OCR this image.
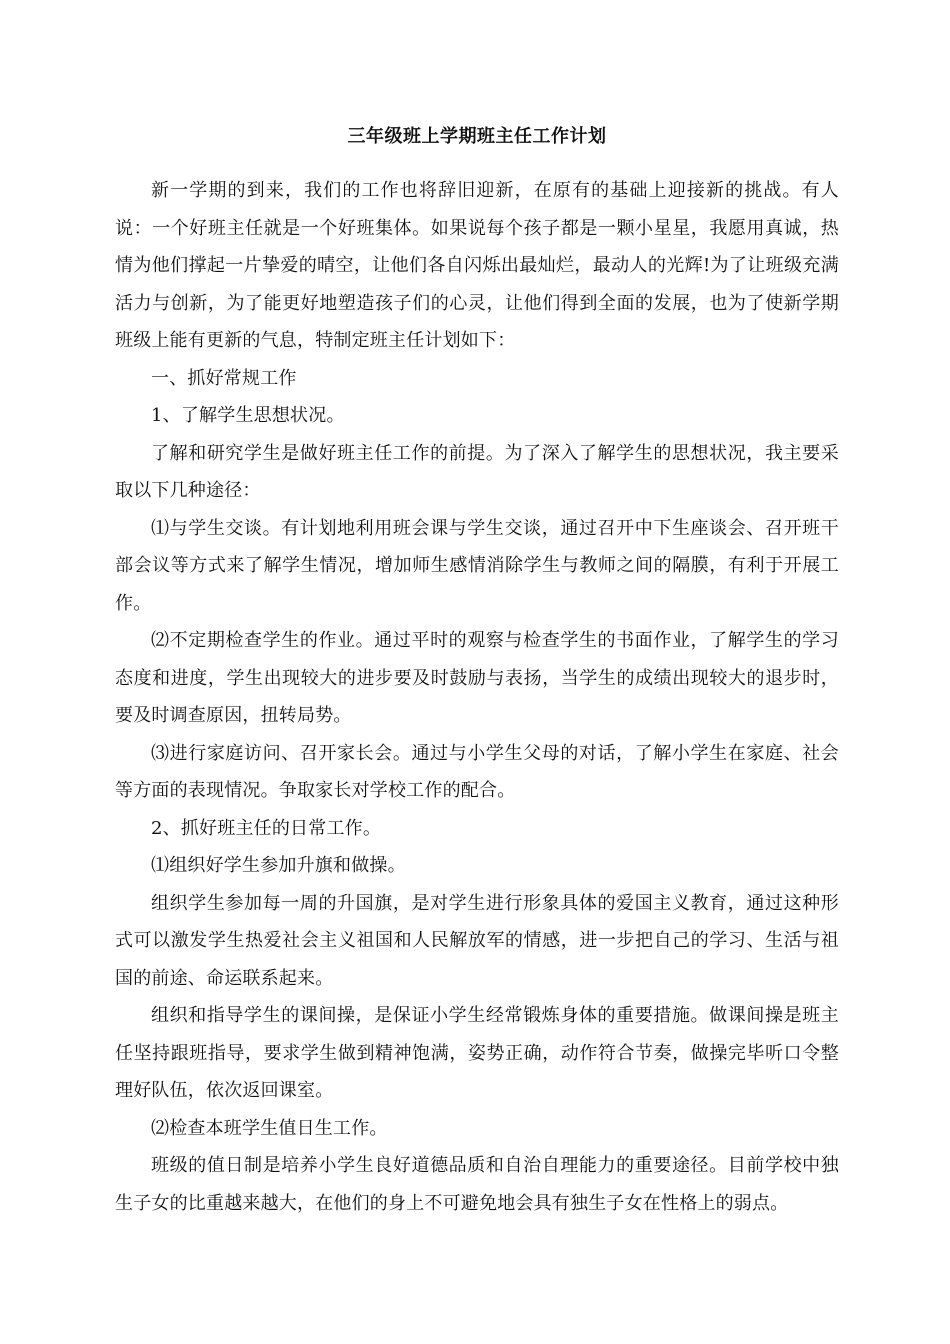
三年级班上学期班主任工作计划

新一学期的到来，我们的工作也将辞旧迎新，在原有的基础上迎接新的挑战。有人说：一个好班主任就是一个好班集体。如果说每个孩子都是一颗小星星，我愿用真诚，热情为他们撑起一片挚爱的晴空，让他们各自闪烁出最灿烂，最动人的光辉!为了让班级充满活力与创新，为了能更好地塑造孩子们的心灵，让他们得到全面的发展，也为了使新学期班级上能有更新的气息，特制定班主任计划如下：

一、抓好常规工作

1、了解学生思想状况。

了解和研究学生是做好班主任工作的前提。为了深入了解学生的思想状况，我主要采取以下几种途径：

⑴与学生交谈。有计划地利用班会课与学生交谈，通过召开中下生座谈会、召开班干部会议等方式来了解学生情况，增加师生感情消除学生与教师之间的隔膜，有利于开展工作。

⑵不定期检查学生的作业。通过平时的观察与检查学生的书面作业，了解学生的学习态度和进度，学生出现较大的进步要及时鼓励与表扬，当学生的成绩出现较大的退步时，要及时调查原因，扭转局势。

⑶进行家庭访问、召开家长会。通过与小学生父母的对话，了解小学生在家庭、社会等方面的表现情况。争取家长对学校工作的配合。

2、抓好班主任的日常工作。

⑴组织好学生参加升旗和做操。

组织学生参加每一周的升国旗，是对学生进行形象具体的爱国主义教育，通过这种形式可以激发学生热爱社会主义祖国和人民解放军的情感，进一步把自己的学习、生活与祖国的前途、命运联系起来。

组织和指导学生的课间操，是保证小学生经常锻炼身体的重要措施。做课间操是班主任坚持跟班指导，要求学生做到精神饱满，姿势正确，动作符合节奏，做操完毕听口令整理好队伍，依次返回课室。

⑵检查本班学生值日生工作。

班级的值日制是培养小学生良好道德品质和自治自理能力的重要途径。目前学校中独生子女的比重越来越大，在他们的身上不可避免地会具有独生子女在性格上的弱点。
